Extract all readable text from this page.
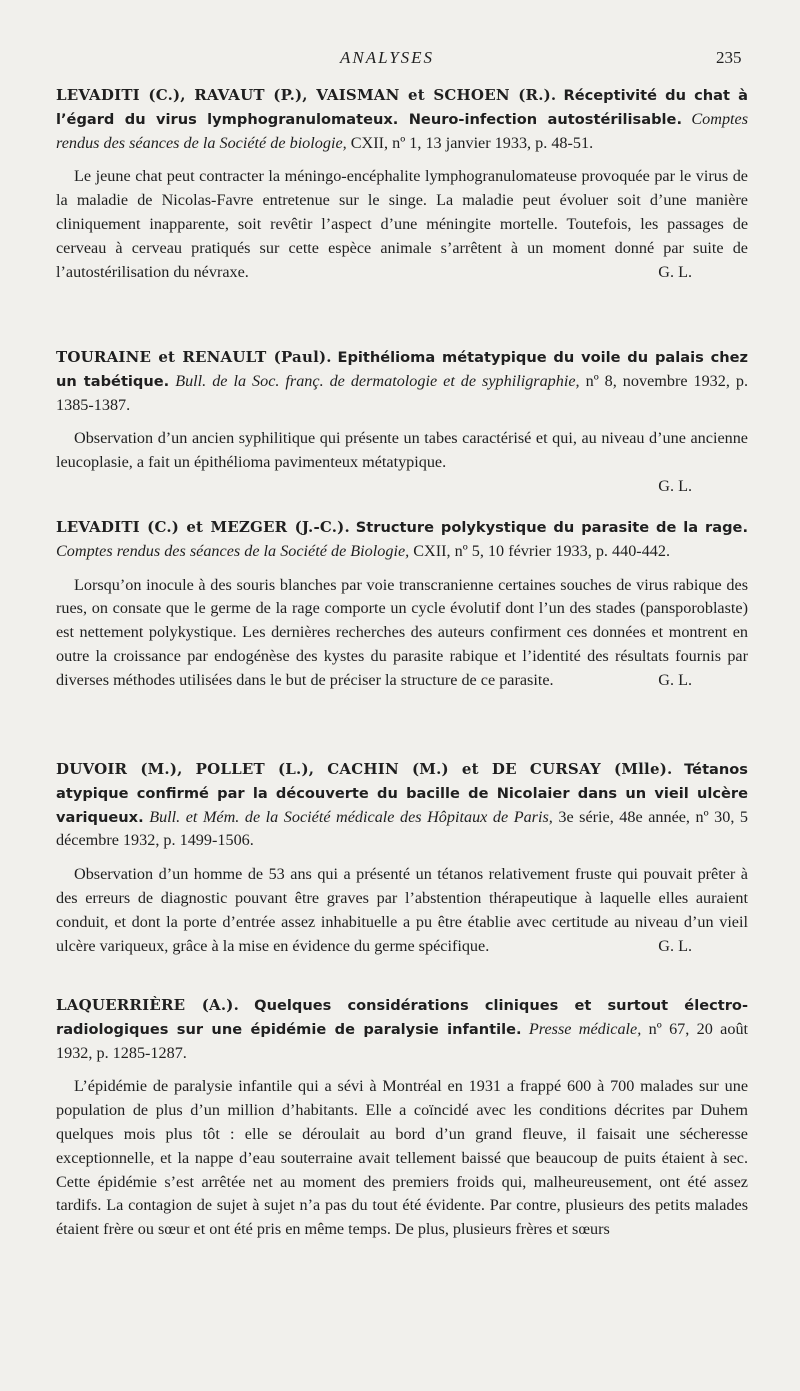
ANALYSES	235

LEVADITI (C.), RAVAUT (P.), VAISMAN et SCHOEN (R.). Réceptivité du chat à l’égard du virus lymphogranulomateux. Neuro-infection autostérilisable. Comptes rendus des séances de la Société de biologie, CXII, nº 1, 13 janvier 1933, p. 48-51.

Le jeune chat peut contracter la méningo-encéphalite lymphogranulomateuse provoquée par le virus de la maladie de Nicolas-Favre entretenue sur le singe. La maladie peut évoluer soit d’une manière cliniquement inapparente, soit revêtir l’aspect d’une méningite mortelle. Toutefois, les passages de cerveau à cerveau pratiqués sur cette espèce animale s’arrêtent à un moment donné par suite de l’autostérilisation du névraxe.	G. L.

TOURAINE et RENAULT (Paul). Epithélioma métatypique du voile du palais chez un tabétique. Bull. de la Soc. franç. de dermatologie et de syphiligraphie, nº 8, novembre 1932, p. 1385-1387.

Observation d’un ancien syphilitique qui présente un tabes caractérisé et qui, au niveau d’une ancienne leucoplasie, a fait un épithélioma pavimenteux métatypique.

G. L.

LEVADITI (C.) et MEZGER (J.-C.). Structure polykystique du parasite de la rage. Comptes rendus des séances de la Société de Biologie, CXII, nº 5, 10 février 1933, p. 440-442.

Lorsqu’on inocule à des souris blanches par voie transcranienne certaines souches de virus rabique des rues, on consate que le germe de la rage comporte un cycle évolutif dont l’un des stades (pansporoblaste) est nettement polykystique. Les dernières recherches des auteurs confirment ces données et montrent en outre la croissance par endogénèse des kystes du parasite rabique et l’identité des résultats fournis par diverses méthodes utilisées dans le but de préciser la structure de ce parasite.	G. L.

DUVOIR (M.), POLLET (L.), CACHIN (M.) et DE CURSAY (Mlle). Tétanos atypique confirmé par la découverte du bacille de Nicolaier dans un vieil ulcère variqueux. Bull. et Mém. de la Société médicale des Hôpitaux de Paris, 3e série, 48e année, nº 30, 5 décembre 1932, p. 1499-1506.

Observation d’un homme de 53 ans qui a présenté un tétanos relativement fruste qui pouvait prêter à des erreurs de diagnostic pouvant être graves par l’abstention thérapeutique à laquelle elles auraient conduit, et dont la porte d’entrée assez inhabituelle a pu être établie avec certitude au niveau d’un vieil ulcère variqueux, grâce à la mise en évidence du germe spécifique.	G. L.

LAQUERRIÈRE (A.). Quelques considérations cliniques et surtout électro-radiologiques sur une épidémie de paralysie infantile. Presse médicale, nº 67, 20 août 1932, p. 1285-1287.

L’épidémie de paralysie infantile qui a sévi à Montréal en 1931 a frappé 600 à 700 malades sur une population de plus d’un million d’habitants. Elle a coïncidé avec les conditions décrites par Duhem quelques mois plus tôt : elle se déroulait au bord d’un grand fleuve, il faisait une sécheresse exceptionnelle, et la nappe d’eau souterraine avait tellement baissé que beaucoup de puits étaient à sec. Cette épidémie s’est arrêtée net au moment des premiers froids qui, malheureusement, ont été assez tardifs. La contagion de sujet à sujet n’a pas du tout été évidente. Par contre, plusieurs des petits malades étaient frère ou sœur et ont été pris en même temps. De plus, plusieurs frères et sœurs
